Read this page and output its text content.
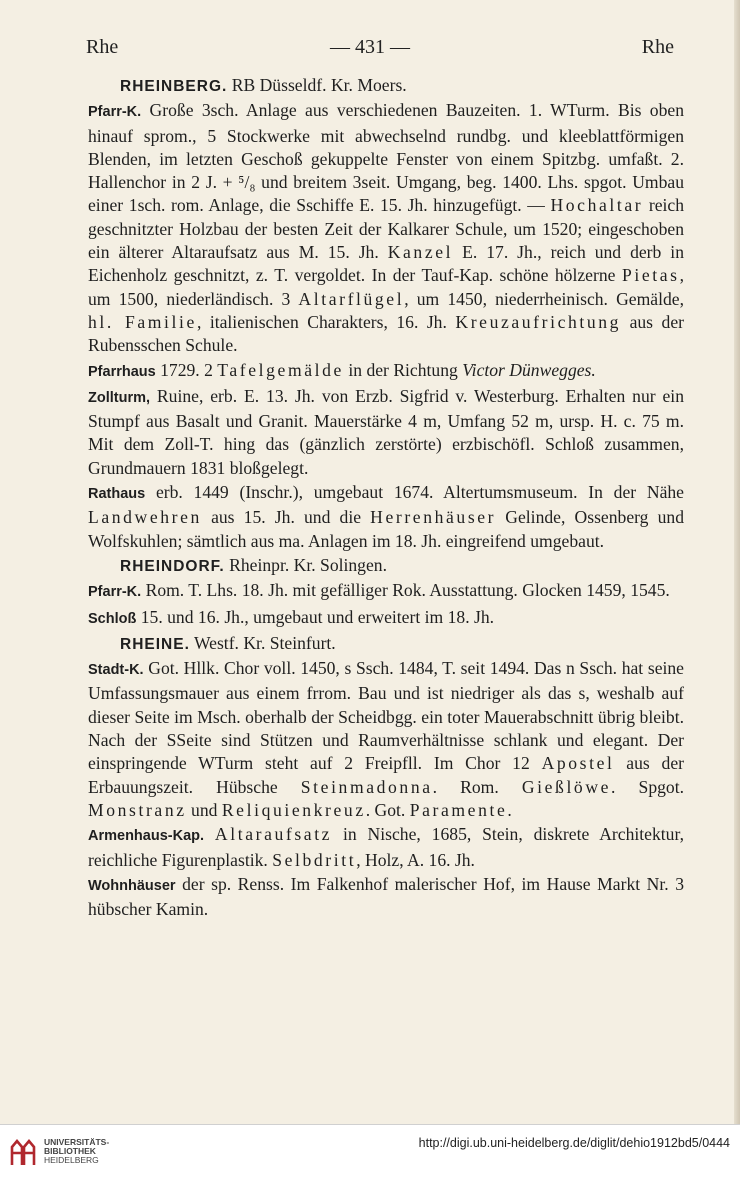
Rhe	— 431 —	Rhe

RHEINBERG. RB Düsseldf. Kr. Moers.

Pfarr-K. Große 3sch. Anlage aus verschiedenen Bauzeiten. 1. WTurm. Bis oben hinauf sprom., 5 Stockwerke mit abwechselnd rundbg. und kleeblattförmigen Blenden, im letzten Geschoß gekuppelte Fenster von einem Spitzbg. umfaßt. 2. Hallenchor in 2 J. + ⁵/₈ und breitem 3seit. Umgang, beg. 1400. Lhs. spgot. Umbau einer 1sch. rom. Anlage, die Sschiffe E. 15. Jh. hinzugefügt. — Hochaltar reich geschnitzter Holzbau der besten Zeit der Kalkarer Schule, um 1520; eingeschoben ein älterer Altaraufsatz aus M. 15. Jh. Kanzel E. 17. Jh., reich und derb in Eichenholz geschnitzt, z. T. vergoldet. In der Tauf-Kap. schöne hölzerne Pietas, um 1500, niederländisch. 3 Altarflügel, um 1450, niederrheinisch. Gemälde, hl. Familie, italienischen Charakters, 16. Jh. Kreuzaufrichtung aus der Rubensschen Schule.

Pfarrhaus 1729. 2 Tafelgemälde in der Richtung Victor Dünwegges.

Zollturm, Ruine, erb. E. 13. Jh. von Erzb. Sigfrid v. Westerburg. Erhalten nur ein Stumpf aus Basalt und Granit. Mauerstärke 4 m, Umfang 52 m, ursp. H. c. 75 m. Mit dem Zoll-T. hing das (gänzlich zerstörte) erzbischöfl. Schloß zusammen, Grundmauern 1831 bloßgelegt.

Rathaus erb. 1449 (Inschr.), umgebaut 1674. Altertumsmuseum. In der Nähe Landwehren aus 15. Jh. und die Herrenhäuser Gelinde, Ossenberg und Wolfskuhlen; sämtlich aus ma. Anlagen im 18. Jh. eingreifend umgebaut.

RHEINDORF. Rheinpr. Kr. Solingen.

Pfarr-K. Rom. T. Lhs. 18. Jh. mit gefälliger Rok. Ausstattung. Glocken 1459, 1545.

Schloß 15. und 16. Jh., umgebaut und erweitert im 18. Jh.

RHEINE. Westf. Kr. Steinfurt.

Stadt-K. Got. Hllk. Chor voll. 1450, s Ssch. 1484, T. seit 1494. Das n Ssch. hat seine Umfassungsmauer aus einem frrom. Bau und ist niedriger als das s, weshalb auf dieser Seite im Msch. oberhalb der Scheidbgg. ein toter Mauerabschnitt übrig bleibt. Nach der SSeite sind Stützen und Raumverhältnisse schlank und elegant. Der einspringende WTurm steht auf 2 Freipfll. Im Chor 12 Apostel aus der Erbauungszeit. Hübsche Steinmadonna. Rom. Gießlöwe. Spgot. Monstranz und Reliquienkreuz. Got. Paramente.

Armenhaus-Kap. Altaraufsatz in Nische, 1685, Stein, diskrete Architektur, reichliche Figurenplastik. Selbdritt, Holz, A. 16. Jh.

Wohnhäuser der sp. Renss. Im Falkenhof malerischer Hof, im Hause Markt Nr. 3 hübscher Kamin.

UNIVERSITÄTS-
BIBLIOTHEK
HEIDELBERG
http://digi.ub.uni-heidelberg.de/diglit/dehio1912bd5/0444
